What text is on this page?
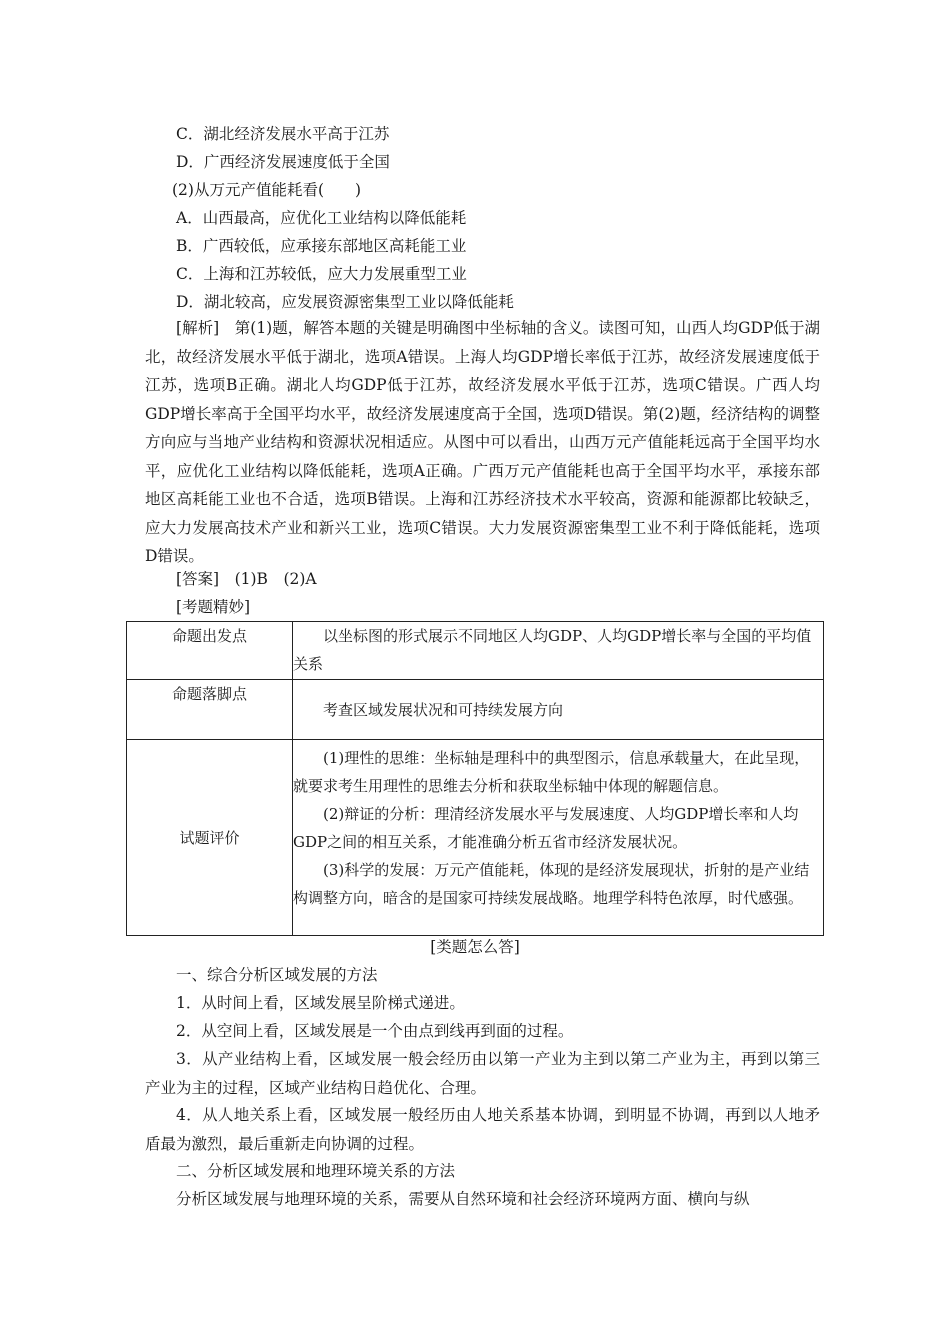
C．湖北经济发展水平高于江苏
D．广西经济发展速度低于全国
(2)从万元产值能耗看(　　)
A．山西最高，应优化工业结构以降低能耗
B．广西较低，应承接东部地区高耗能工业
C．上海和江苏较低，应大力发展重型工业
D．湖北较高，应发展资源密集型工业以降低能耗
[解析]　第(1)题，解答本题的关键是明确图中坐标轴的含义。读图可知，山西人均GDP低于湖北，故经济发展水平低于湖北，选项A错误。上海人均GDP增长率低于江苏，故经济发展速度低于江苏，选项B正确。湖北人均GDP低于江苏，故经济发展水平低于江苏，选项C错误。广西人均GDP增长率高于全国平均水平，故经济发展速度高于全国，选项D错误。第(2)题，经济结构的调整方向应与当地产业结构和资源状况相适应。从图中可以看出，山西万元产值能耗远高于全国平均水平，应优化工业结构以降低能耗，选项A正确。广西万元产值能耗也高于全国平均水平，承接东部地区高耗能工业也不合适，选项B错误。上海和江苏经济技术水平较高，资源和能源都比较缺乏，应大力发展高技术产业和新兴工业，选项C错误。大力发展资源密集型工业不利于降低能耗，选项D错误。
[答案]　(1)B　(2)A
[考题精妙]
命题出发点	以坐标图的形式展示不同地区人均GDP、人均GDP增长率与全国的平均值关系

命题落脚点	考查区域发展状况和可持续发展方向

试题评价	(1)理性的思维：坐标轴是理科中的典型图示，信息承载量大，在此呈现，就要求考生用理性的思维去分析和获取坐标轴中体现的解题信息。
(2)辩证的分析：理清经济发展水平与发展速度、人均GDP增长率和人均GDP之间的相互关系，才能准确分析五省市经济发展状况。
(3)科学的发展：万元产值能耗，体现的是经济发展现状，折射的是产业结构调整方向，暗含的是国家可持续发展战略。地理学科特色浓厚，时代感强。
[类题怎么答]
一、综合分析区域发展的方法
1．从时间上看，区域发展呈阶梯式递进。
2．从空间上看，区域发展是一个由点到线再到面的过程。
3．从产业结构上看，区域发展一般会经历由以第一产业为主到以第二产业为主，再到以第三产业为主的过程，区域产业结构日趋优化、合理。
4．从人地关系上看，区域发展一般经历由人地关系基本协调，到明显不协调，再到以人地矛盾最为激烈，最后重新走向协调的过程。
二、分析区域发展和地理环境关系的方法
分析区域发展与地理环境的关系，需要从自然环境和社会经济环境两方面、横向与纵
